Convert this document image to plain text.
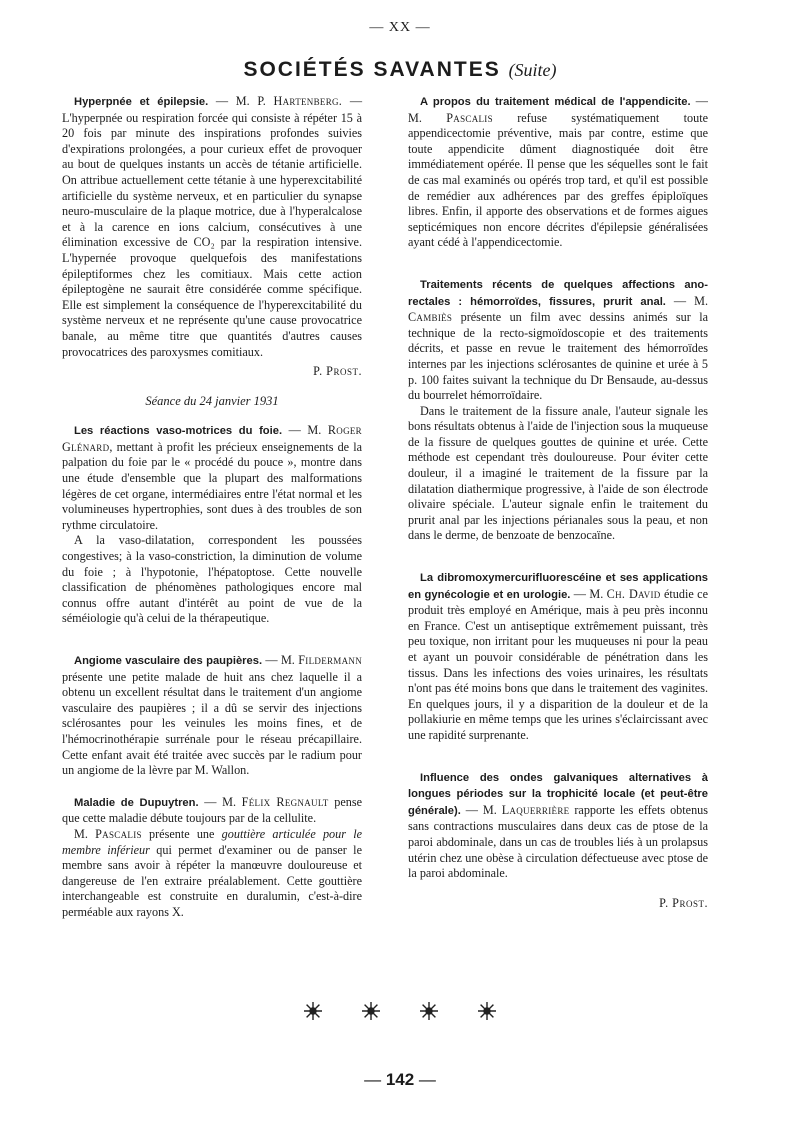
— XX —
SOCIÉTÉS SAVANTES (Suite)

Hyperpnée et épilepsie. — M. P. Hartenberg. — L'hyperpnée ou respiration forcée qui consiste à répéter 15 à 20 fois par minute des inspirations profondes suivies d'expirations prolongées, a pour curieux effet de provoquer au bout de quelques instants un accès de tétanie artificielle. On attribue actuellement cette tétanie à une hyperexcitabilité artificielle du système nerveux, et en particulier du synapse neuro-musculaire de la plaque motrice, due à l'hyperalcalose et à la carence en ions calcium, consécutives à une élimination excessive de CO₂ par la respiration intensive. L'hypernée provoque quelquefois des manifestations épileptiformes chez les comitiaux. Mais cette action épileptogène ne saurait être considérée comme spécifique. Elle est simplement la conséquence de l'hyperexcitabilité du système nerveux et ne représente qu'une cause provocatrice banale, au même titre que quantités d'autres causes provocatrices des paroxysmes comitiaux.

P. Prost.

Séance du 24 janvier 1931

Les réactions vaso-motrices du foie. — M. Roger Glénard, mettant à profit les précieux enseignements de la palpation du foie par le « procédé du pouce », montre dans une étude d'ensemble que la plupart des malformations légères de cet organe, intermédiaires entre l'état normal et les volumineuses hypertrophies, sont dues à des troubles de son rythme circulatoire.

A la vaso-dilatation, correspondent les poussées congestives; à la vaso-constriction, la diminution de volume du foie ; à l'hypotonie, l'hépatoptose. Cette nouvelle classification de phénomènes pathologiques encore mal connus offre autant d'intérêt au point de vue de la séméiologie qu'à celui de la thérapeutique.

Angiome vasculaire des paupières. — M. Fildermann présente une petite malade de huit ans chez laquelle il a obtenu un excellent résultat dans le traitement d'un angiome vasculaire des paupières ; il a dû se servir des injections sclérosantes pour les veinules les moins fines, et de l'hémocrinothérapie surrénale pour le réseau précapillaire. Cette enfant avait été traitée avec succès par le radium pour un angiome de la lèvre par M. Wallon.

Maladie de Dupuytren. — M. Félix Regnault pense que cette maladie débute toujours par de la cellulite.

M. Pascalis présente une gouttière articulée pour le membre inférieur qui permet d'examiner ou de panser le membre sans avoir à répéter la manœuvre douloureuse et dangereuse de l'en extraire préalablement. Cette gouttière interchangeable est construite en duralumin, c'est-à-dire perméable aux rayons X.

A propos du traitement médical de l'appendicite. — M. Pascalis refuse systématiquement toute appendicectomie préventive, mais par contre, estime que toute appendicite dûment diagnostiquée doit être immédiatement opérée. Il pense que les séquelles sont le fait de cas mal examinés ou opérés trop tard, et qu'il est possible de remédier aux adhérences par des greffes épiploïques libres. Enfin, il apporte des observations et de formes aigues septicémiques non encore décrites d'épilepsie généralisées ayant cédé à l'appendicectomie.

Traitements récents de quelques affections ano-rectales : hémorroïdes, fissures, prurit anal. — M. Cambiès présente un film avec dessins animés sur la technique de la recto-sigmoïdoscopie et des traitements décrits, et passe en revue le traitement des hémorroïdes internes par les injections sclérosantes de quinine et urée à 5 p. 100 faites suivant la technique du Dr Bensaude, au-dessus du bourrelet hémorroïdaire.

Dans le traitement de la fissure anale, l'auteur signale les bons résultats obtenus à l'aide de l'injection sous la muqueuse de la fissure de quelques gouttes de quinine et urée. Cette méthode est cependant très douloureuse. Pour éviter cette douleur, il a imaginé le traitement de la fissure par la dilatation diathermique progressive, à l'aide de son électrode olivaire spéciale. L'auteur signale enfin le traitement du prurit anal par les injections périanales sous la peau, et non dans le derme, de benzoate de benzocaïne.

La dibromoxymercurifluorescéine et ses applications en gynécologie et en urologie. — M. Ch. David étudie ce produit très employé en Amérique, mais à peu près inconnu en France. C'est un antiseptique extrêmement puissant, très peu toxique, non irritant pour les muqueuses ni pour la peau et ayant un pouvoir considérable de pénétration dans les tissus. Dans les infections des voies urinaires, les résultats n'ont pas été moins bons que dans le traitement des vaginites. En quelques jours, il y a disparition de la douleur et de la pollakiurie en même temps que les urines s'éclaircissant avec une rapidité surprenante.

Influence des ondes galvaniques alternatives à longues périodes sur la trophicité locale (et peut-être générale). — M. Laquerrière rapporte les effets obtenus sans contractions musculaires dans deux cas de ptose de la paroi abdominale, dans un cas de troubles liés à un prolapsus utérin chez une obèse à circulation défectueuse avec ptose de la paroi abdominale.

P. Prost.

— 142 —
